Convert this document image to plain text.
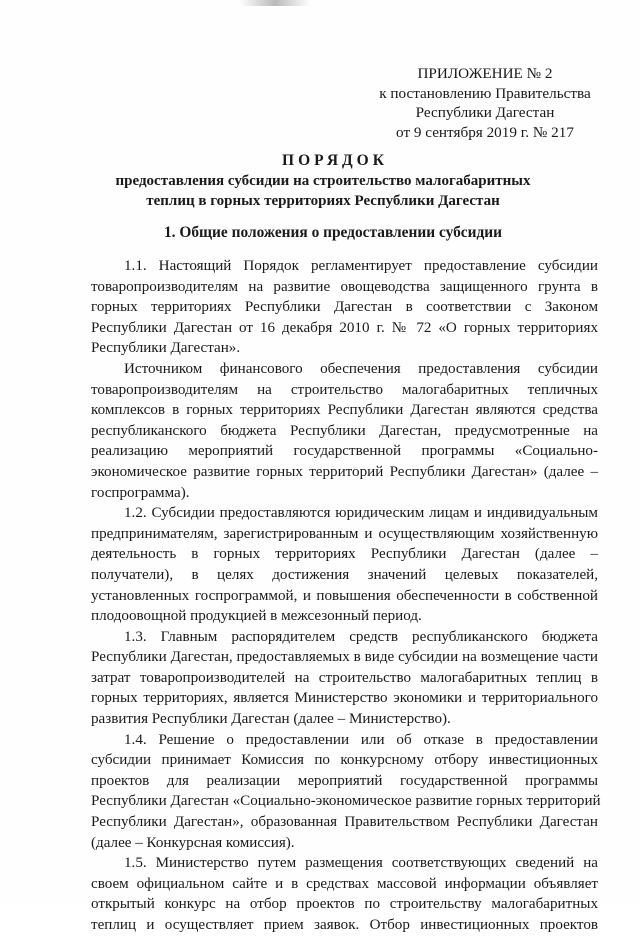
ПРИЛОЖЕНИЕ № 2
к постановлению Правительства
Республики Дагестан
от 9 сентября 2019 г. № 217
ПОРЯДОК
предоставления субсидии на строительство малогабаритных
теплиц в горных территориях Республики Дагестан
1. Общие положения о предоставлении субсидии
1.1. Настоящий Порядок регламентирует предоставление субсидии
товаропроизводителям на развитие овощеводства защищенного грунта в
горных территориях Республики Дагестан в соответствии с Законом
Республики Дагестан от 16 декабря 2010 г. № 72 «О горных территориях
Республики Дагестан».
Источником финансового обеспечения предоставления субсидии
товаропроизводителям на строительство малогабаритных тепличных
комплексов в горных территориях Республики Дагестан являются средства
республиканского бюджета Республики Дагестан, предусмотренные на
реализацию мероприятий государственной программы «Социально-
экономическое развитие горных территорий Республики Дагестан» (далее –
госпрограмма).
1.2. Субсидии предоставляются юридическим лицам и индивидуальным
предпринимателям, зарегистрированным и осуществляющим хозяйственную
деятельность в горных территориях Республики Дагестан (далее –
получатели), в целях достижения значений целевых показателей,
установленных госпрограммой, и повышения обеспеченности в собственной
плодоовощной продукцией в межсезонный период.
1.3. Главным распорядителем средств республиканского бюджета
Республики Дагестан, предоставляемых в виде субсидии на возмещение части
затрат товаропроизводителей на строительство малогабаритных теплиц в
горных территориях, является Министерство экономики и территориального
развития Республики Дагестан (далее – Министерство).
1.4. Решение о предоставлении или об отказе в предоставлении
субсидии принимает Комиссия по конкурсному отбору инвестиционных
проектов для реализации мероприятий государственной программы
Республики Дагестан «Социально-экономическое развитие горных территорий
Республики Дагестан», образованная Правительством Республики Дагестан
(далее – Конкурсная комиссия).
1.5. Министерство путем размещения соответствующих сведений на
своем официальном сайте и в средствах массовой информации объявляет
открытый конкурс на отбор проектов по строительству малогабаритных
теплиц и осуществляет прием заявок. Отбор инвестиционных проектов
